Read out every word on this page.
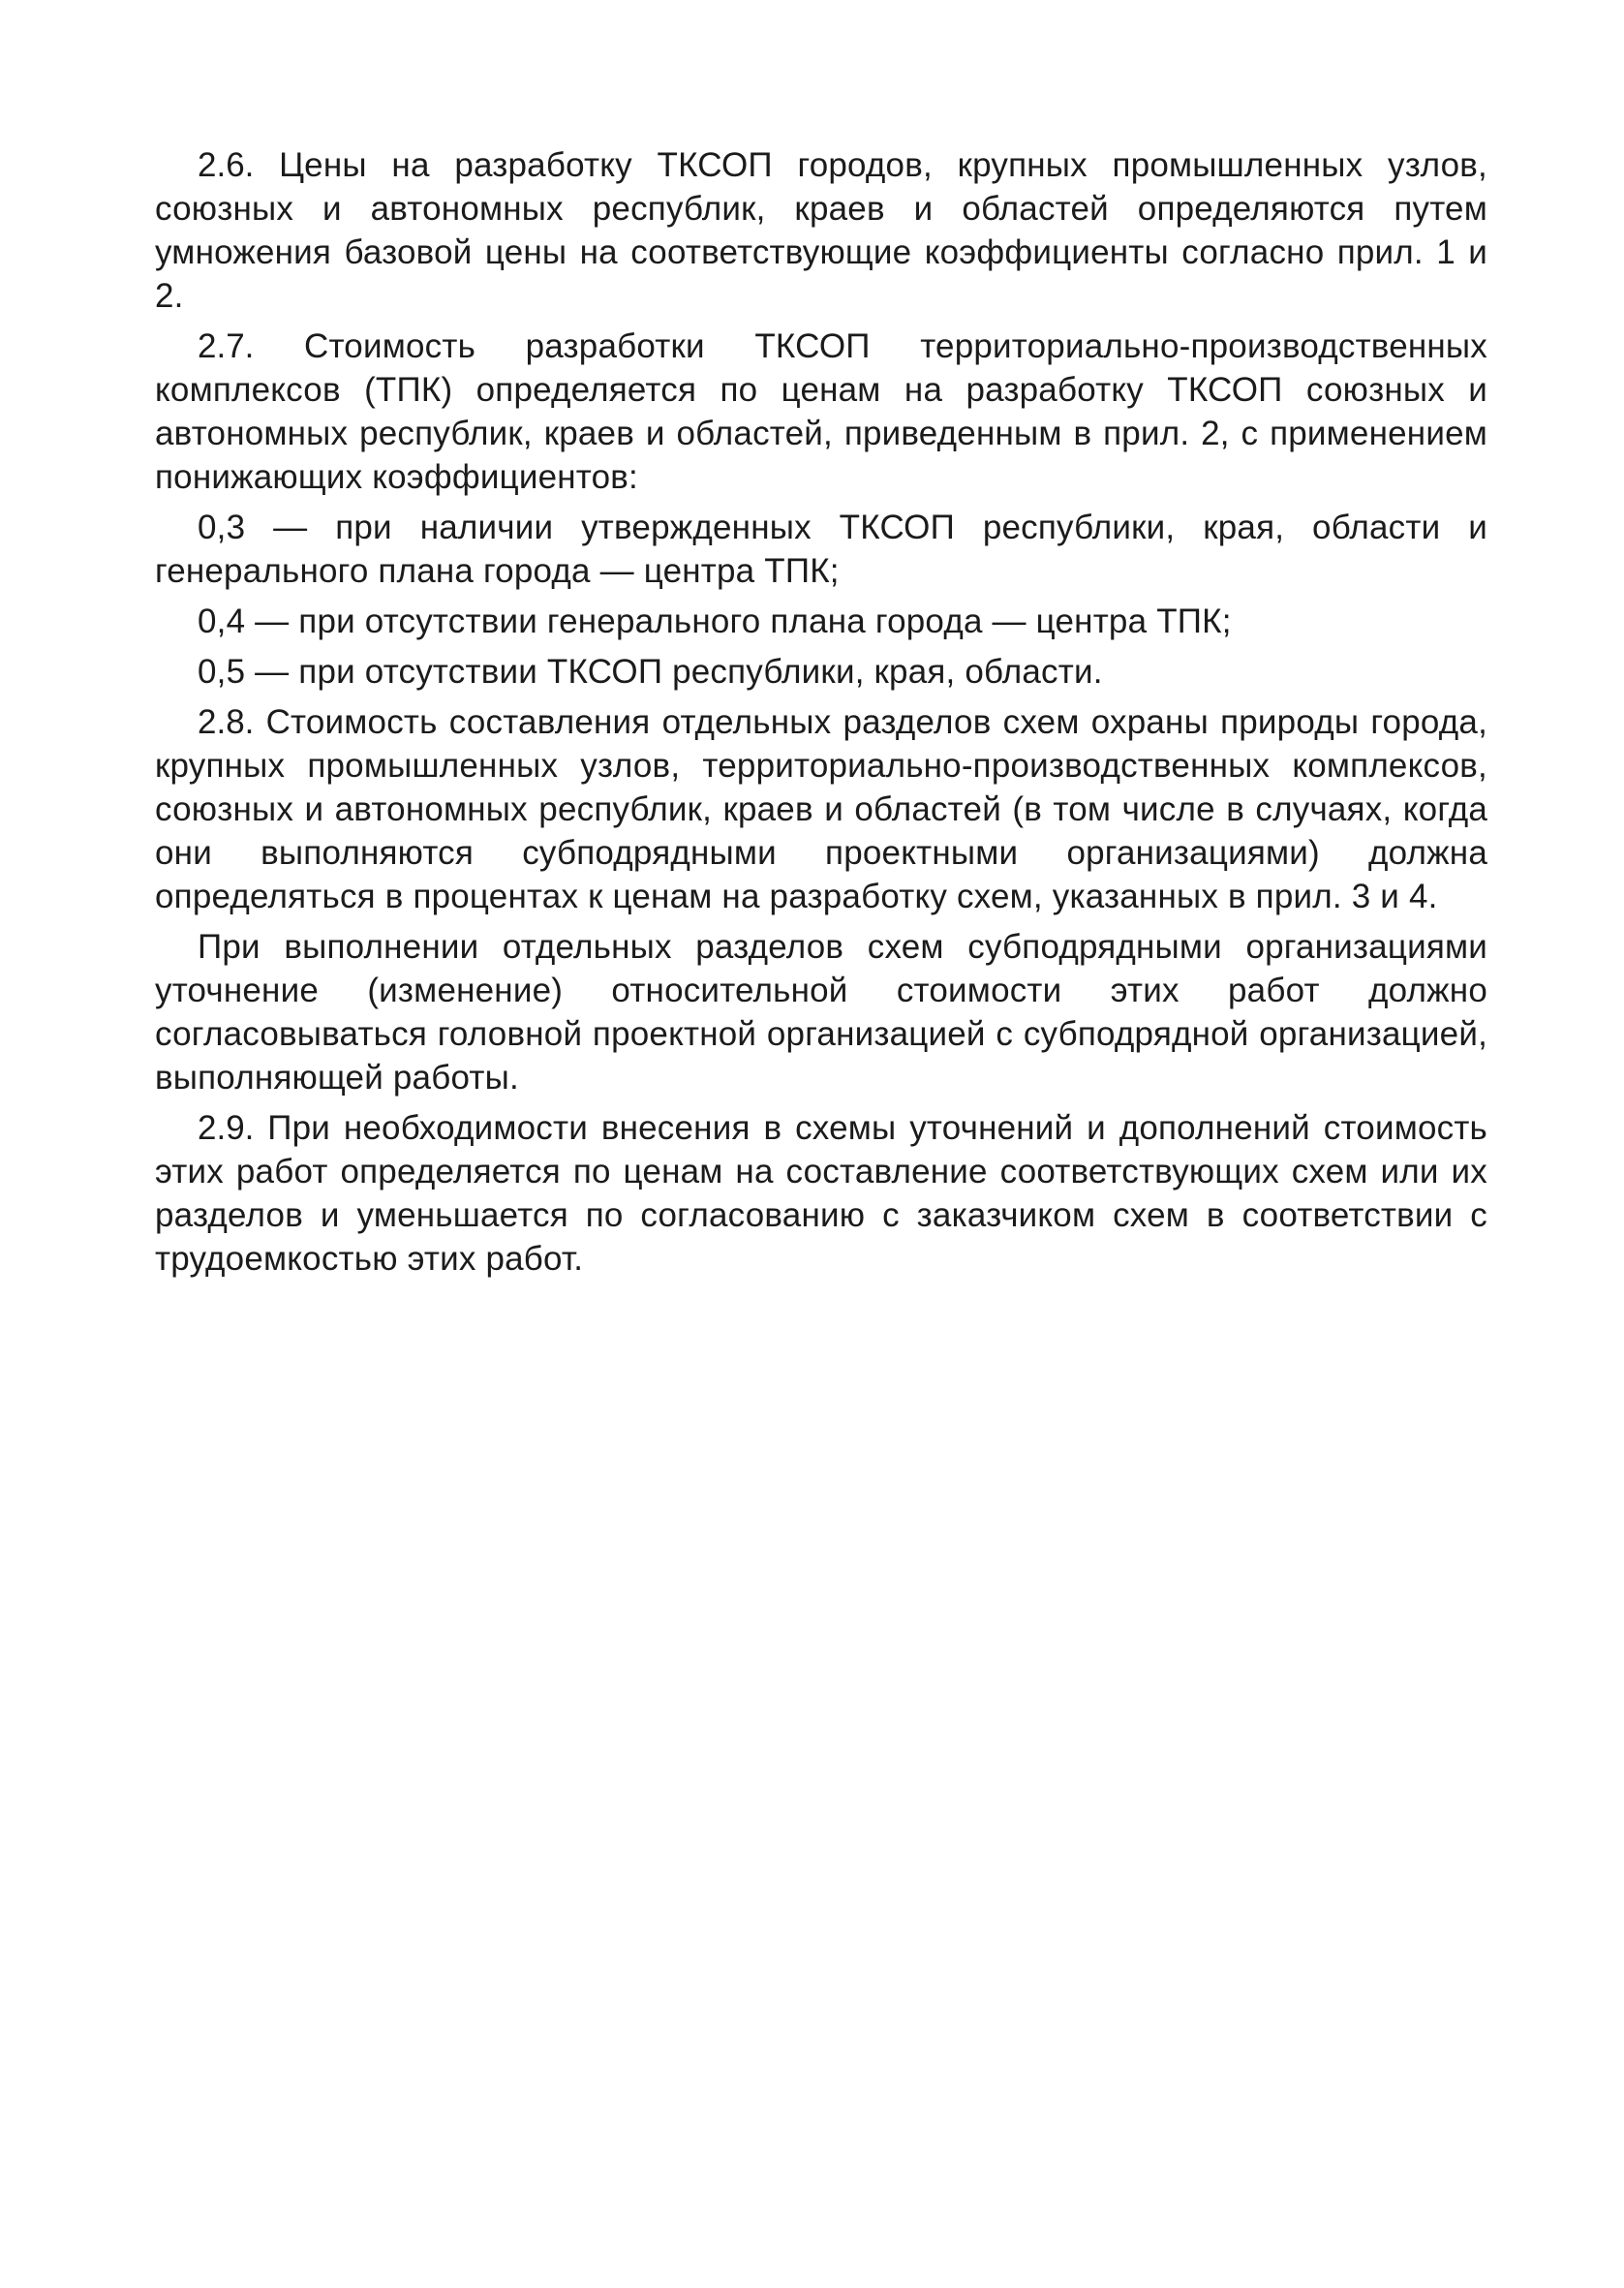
2.6. Цены на разработку ТКСОП городов, крупных промышленных узлов, союзных и автономных республик, краев и областей определяются путем умножения базовой цены на соответствующие коэффициенты согласно прил. 1 и 2.

2.7. Стоимость разработки ТКСОП территориально-производственных комплексов (ТПК) определяется по ценам на разработку ТКСОП союзных и автономных республик, краев и областей, приведенным в прил. 2, с применением понижающих коэффициентов:

0,3 — при наличии утвержденных ТКСОП республики, края, области и генерального плана города — центра ТПК;

0,4 — при отсутствии генерального плана города — центра ТПК;

0,5 — при отсутствии ТКСОП республики, края, области.

2.8. Стоимость составления отдельных разделов схем охраны природы города, крупных промышленных узлов, территориально-производственных комплексов, союзных и автономных республик, краев и областей (в том числе в случаях, когда они выполняются субподрядными проектными организациями) должна определяться в процентах к ценам на разработку схем, указанных в прил. 3 и 4.

При выполнении отдельных разделов схем субподрядными организациями уточнение (изменение) относительной стоимости этих работ должно согласовываться головной проектной организацией с субподрядной организацией, выполняющей работы.

2.9. При необходимости внесения в схемы уточнений и дополнений стоимость этих работ определяется по ценам на составление соответствующих схем или их разделов и уменьшается по согласованию с заказчиком схем в соответствии с трудоемкостью этих работ.
